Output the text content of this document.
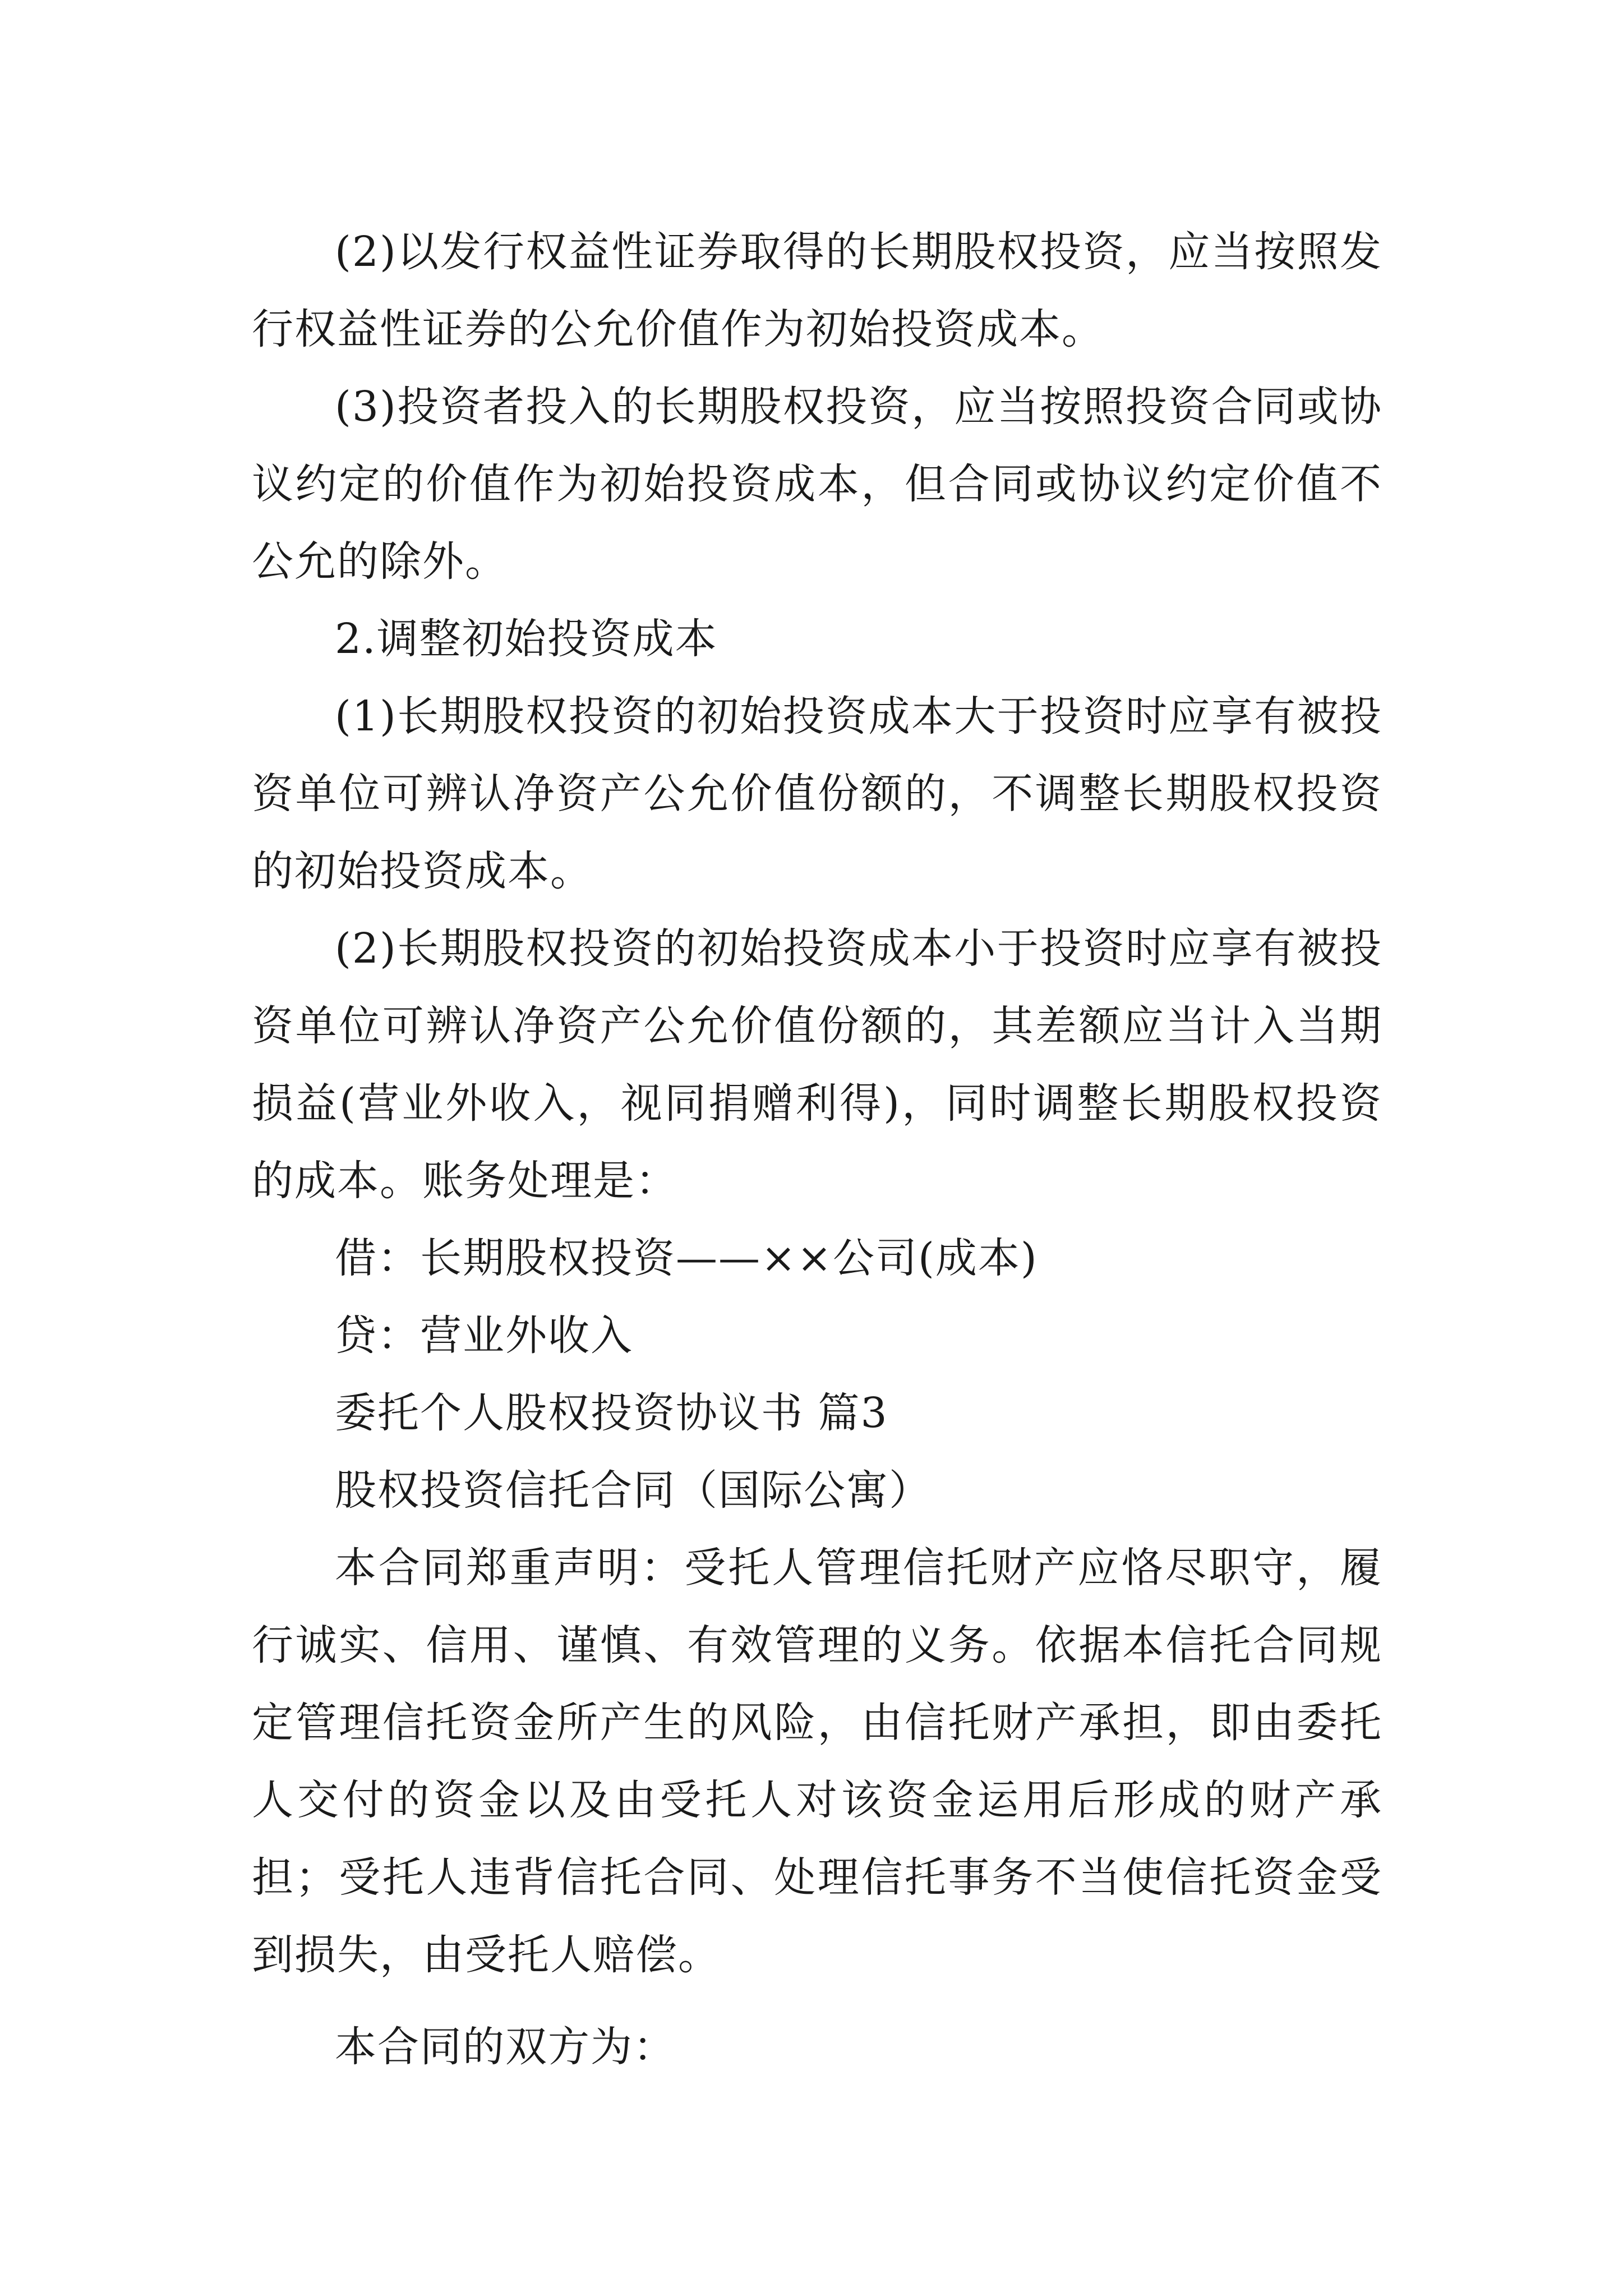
(2)以发行权益性证券取得的长期股权投资，应当按照发行权益性证券的公允价值作为初始投资成本。

(3)投资者投入的长期股权投资，应当按照投资合同或协议约定的价值作为初始投资成本，但合同或协议约定价值不公允的除外。

2.调整初始投资成本

(1)长期股权投资的初始投资成本大于投资时应享有被投资单位可辨认净资产公允价值份额的，不调整长期股权投资的初始投资成本。

(2)长期股权投资的初始投资成本小于投资时应享有被投资单位可辨认净资产公允价值份额的，其差额应当计入当期损益(营业外收入，视同捐赠利得)，同时调整长期股权投资的成本。账务处理是：

借：长期股权投资——××公司(成本)

贷：营业外收入

委托个人股权投资协议书 篇3

股权投资信托合同（国际公寓）

本合同郑重声明：受托人管理信托财产应恪尽职守，履行诚实、信用、谨慎、有效管理的义务。依据本信托合同规定管理信托资金所产生的风险，由信托财产承担，即由委托人交付的资金以及由受托人对该资金运用后形成的财产承担；受托人违背信托合同、处理信托事务不当使信托资金受到损失，由受托人赔偿。

本合同的双方为：
